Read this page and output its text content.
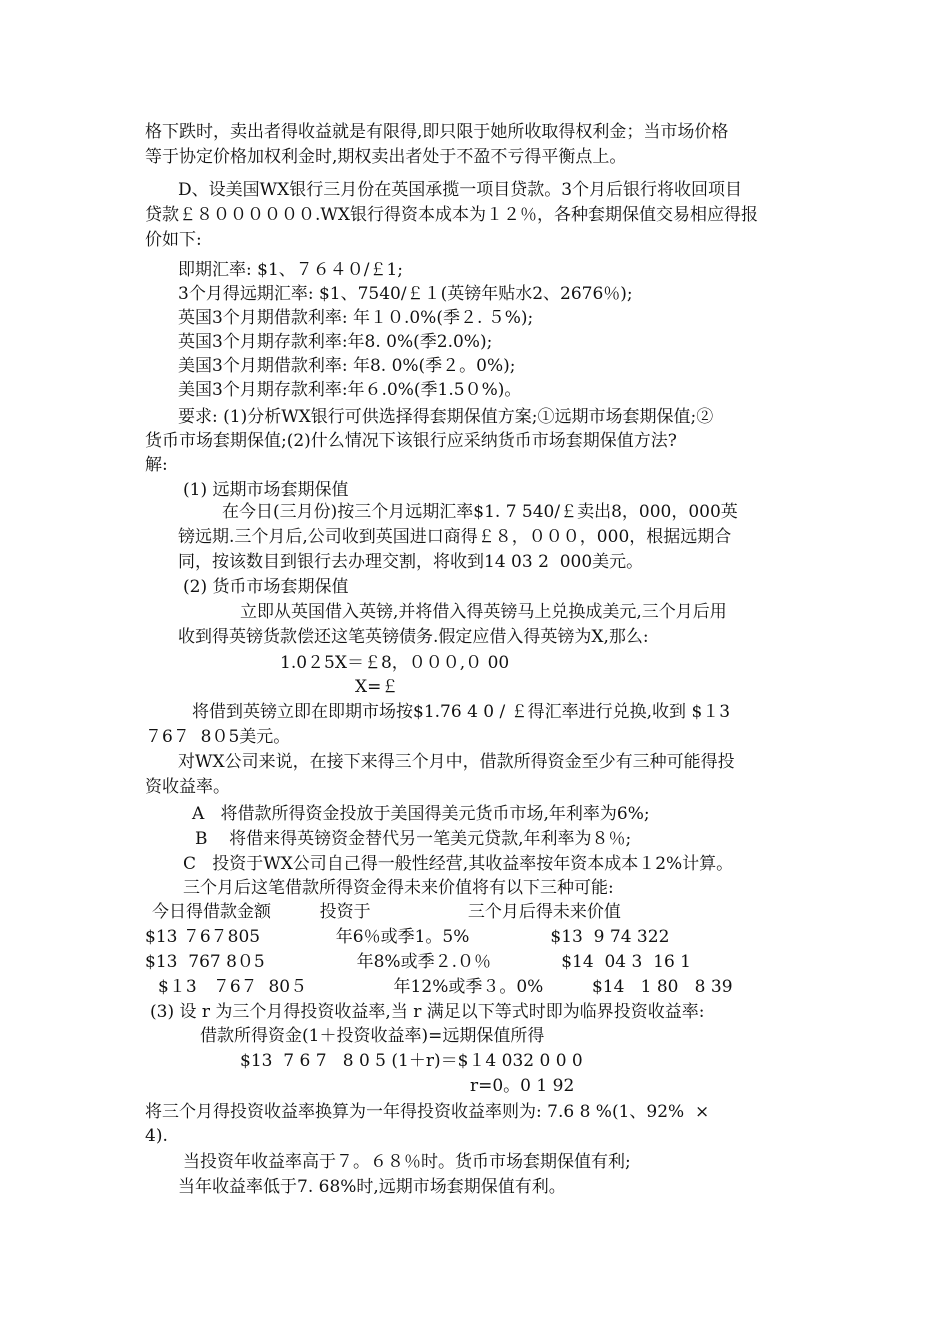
格下跌时，卖出者得收益就是有限得,即只限于她所收取得权利金；当市场价格
等于协定价格加权利金时,期权卖出者处于不盈不亏得平衡点上。
D、设美国WX银行三月份在英国承揽一项目贷款。3个月后银行将收回项目
贷款￡８００００００.WX银行得资本成本为１２％，各种套期保值交易相应得报
价如下:
即期汇率: $1、７６４０/￡1;
3个月得远期汇率: $1、7540/￡１(英镑年贴水2、2676％);
英国3个月期借款利率: 年１０.0%(季２. ５%);
英国3个月期存款利率:年8. 0%(季2.0%);
美国3个月期借款利率: 年8. 0%(季２。0%);
美国3个月期存款利率:年６.0%(季1.5０%)。
要求: (1)分析WX银行可供选择得套期保值方案;①远期市场套期保值;②
货币市场套期保值;(2)什么情况下该银行应采纳货币市场套期保值方法?
解:
(1) 远期市场套期保值
在今日(三月份)按三个月远期汇率$1. 7 540/￡卖出8，000，000英
镑远期.三个月后,公司收到英国进口商得￡８，０００，000，根据远期合
同，按该数目到银行去办理交割，将收到14 03 2  000美元。
(2) 货币市场套期保值
立即从英国借入英镑,并将借入得英镑马上兑换成美元,三个月后用
收到得英镑货款偿还这笔英镑债务.假定应借入得英镑为X,那么:
1.0２5X＝￡8，０００,０ 00
X=￡
将借到英镑立即在即期市场按$1.76 4 0 / ￡得汇率进行兑换,收到 $１3
７6７  8０5美元。
对WX公司来说，在接下来得三个月中，借款所得资金至少有三种可能得投
资收益率。
A   将借款所得资金投放于美国得美元货币市场,年利率为6%;
B    将借来得英镑资金替代另一笔美元贷款,年利率为８％;
C   投资于WX公司自己得一般性经营,其收益率按年资本成本１2%计算。
三个月后这笔借款所得资金得未来价值将有以下三种可能:
今日得借款金额         投资于                  三个月后得未来价值
$13 ７6７805              年6％或季1。5%               $13  9 74 322
$13  767 8０5                 年8%或季２.０％             $14  04 3  16 1
$１3   ７6７  80５                年12%或季３。0%         $14   1 80   8 39
(3) 设 r 为三个月得投资收益率,当 r 满足以下等式时即为临界投资收益率:
借款所得资金(1＋投资收益率)=远期保值所得
$13  7 6 7   8 0 5 (1＋r)＝$１4 032 0 0 0
r=0。0 1 92
将三个月得投资收益率换算为一年得投资收益率则为: 7.6 8 %(1、92%  ×
4).
当投资年收益率高于７。６８％时。货币市场套期保值有利;
当年收益率低于7. 68%时,远期市场套期保值有利。
